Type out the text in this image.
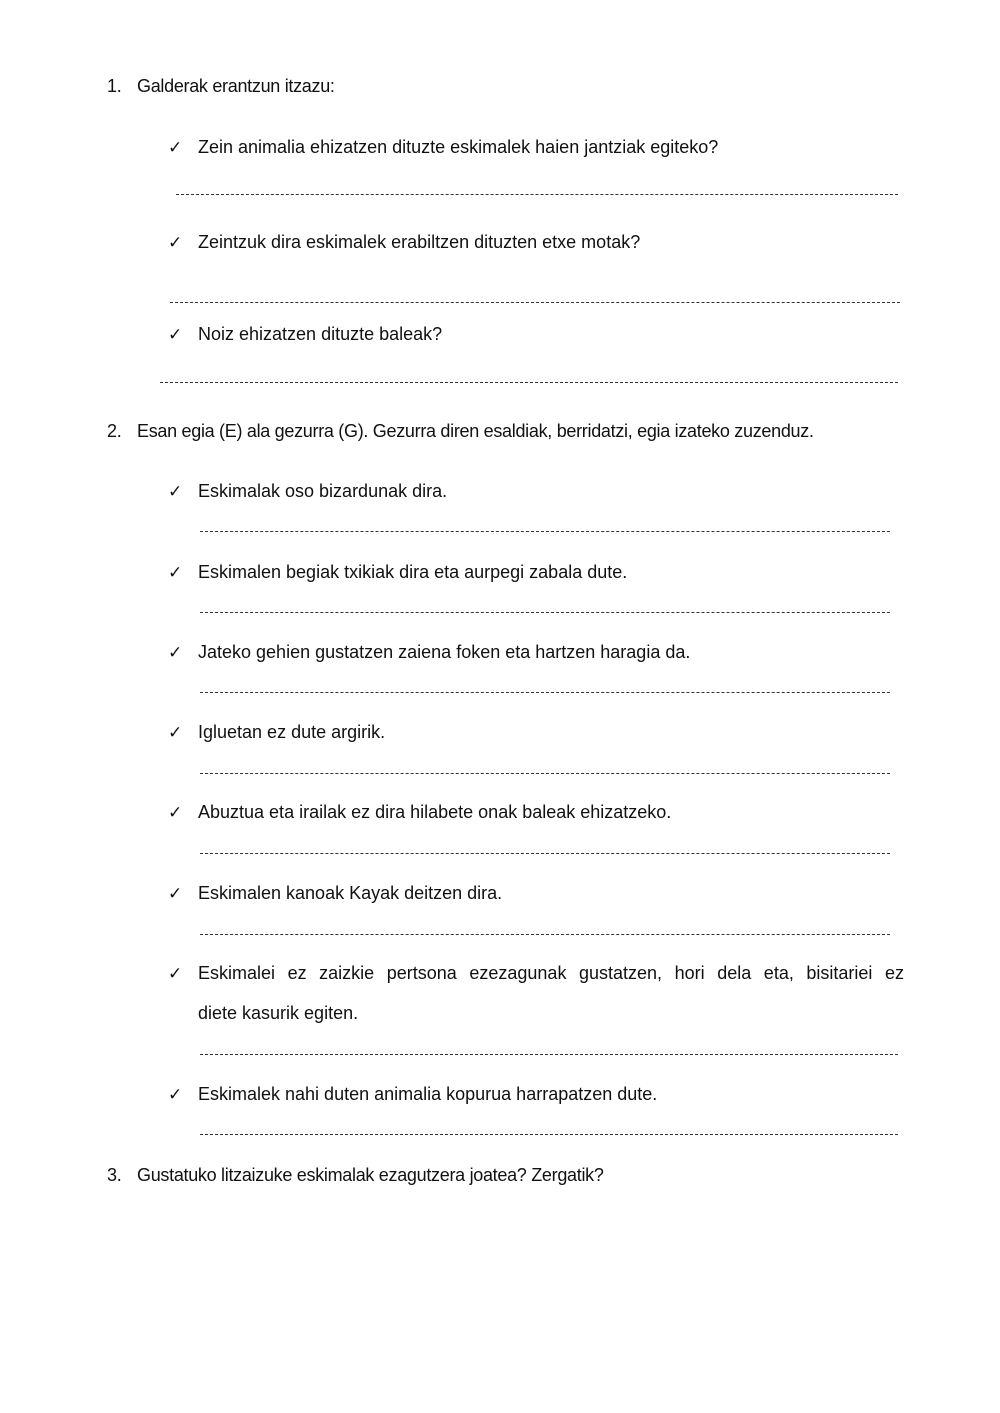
1. Galderak erantzun itzazu:
✓ Zein animalia ehizatzen dituzte eskimalek haien jantziak egiteko?
✓ Zeintzuk dira eskimalek erabiltzen dituzten etxe motak?
✓ Noiz ehizatzen dituzte baleak?
2. Esan egia (E) ala gezurra (G). Gezurra diren esaldiak, berridatzi, egia izateko zuzenduz.
✓ Eskimalak oso bizardunak dira.
✓ Eskimalen begiak txikiak dira eta aurpegi zabala dute.
✓ Jateko gehien gustatzen zaiena foken eta hartzen haragia da.
✓ Igluetan ez dute argirik.
✓ Abuztua eta irailak ez dira hilabete onak baleak ehizatzeko.
✓ Eskimalen kanoak Kayak deitzen dira.
✓ Eskimalei ez zaizkie pertsona ezezagunak gustatzen, hori dela eta, bisitariei ez
diete kasurik egiten.
✓ Eskimalek nahi duten animalia kopurua harrapatzen dute.
3. Gustatuko litzaizuke eskimalak ezagutzera joatea? Zergatik?
